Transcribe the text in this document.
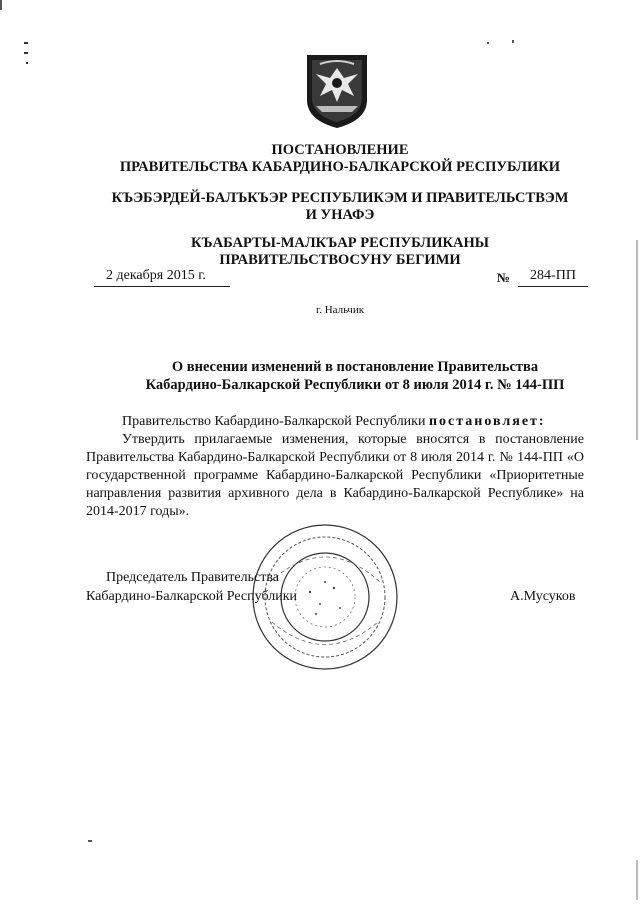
ПОСТАНОВЛЕНИЕ
ПРАВИТЕЛЬСТВА КАБАРДИНО-БАЛКАРСКОЙ РЕСПУБЛИКИ
КЪЭБЭРДЕЙ-БАЛЪКЪЭР РЕСПУБЛИКЭМ И ПРАВИТЕЛЬСТВЭМ И УНАФЭ
КЪАБАРТЫ-МАЛКЪАР РЕСПУБЛИКАНЫ ПРАВИТЕЛЬСТВОСУНУ БЕГИМИ
2 декабря 2015 г.	№	284-ПП
г. Нальчик
О внесении изменений в постановление Правительства
Кабардино-Балкарской Республики от 8 июля 2014 г. № 144-ПП
Правительство Кабардино-Балкарской Республики постановляет:
Утвердить прилагаемые изменения, которые вносятся в постановление Правительства Кабардино-Балкарской Республики от 8 июля 2014 г. № 144-ПП «О государственной программе Кабардино-Балкарской Республики «Приоритетные направления развития архивного дела в Кабардино-Балкарской Республике» на 2014-2017 годы».
Председатель Правительства
Кабардино-Балкарской Республики	А.Мусуков
